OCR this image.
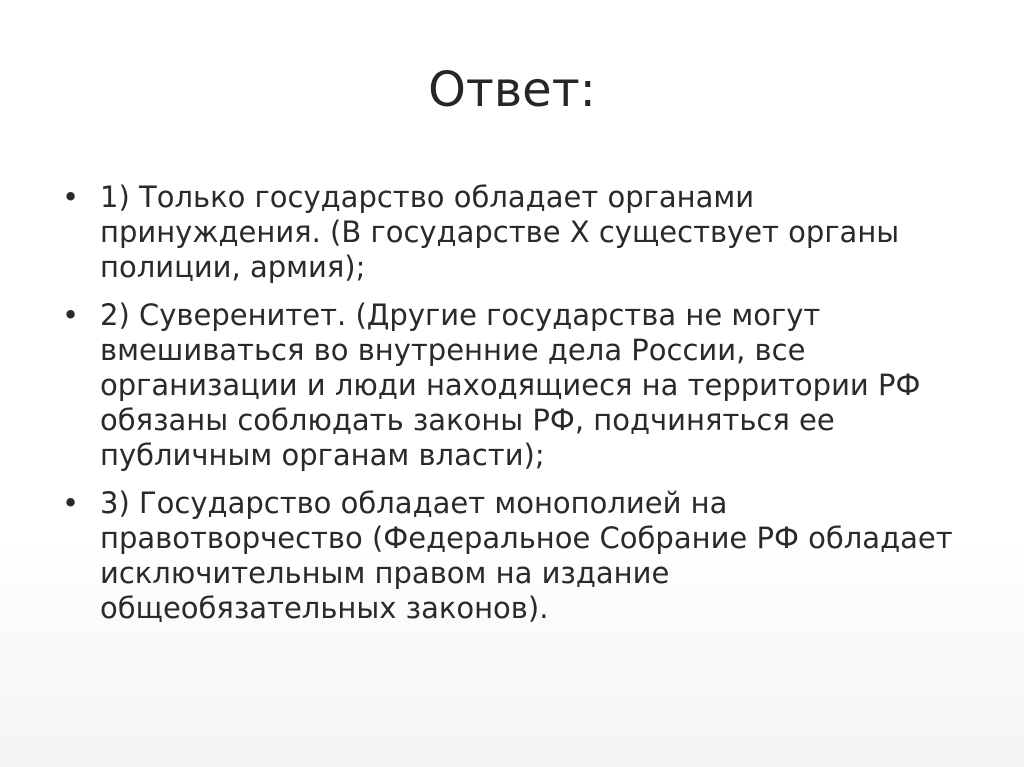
Ответ:
• 1) Только государство обладает органами принуждения. (В государстве Х существует органы полиции, армия);
• 2) Суверенитет. (Другие государства не могут вмешиваться во внутренние дела России, все организации и люди находящиеся на территории РФ обязаны соблюдать законы РФ, подчиняться ее публичным органам власти);
• 3) Государство обладает монополией на правотворчество (Федеральное Собрание РФ обладает исключительным правом на издание общеобязательных законов).
